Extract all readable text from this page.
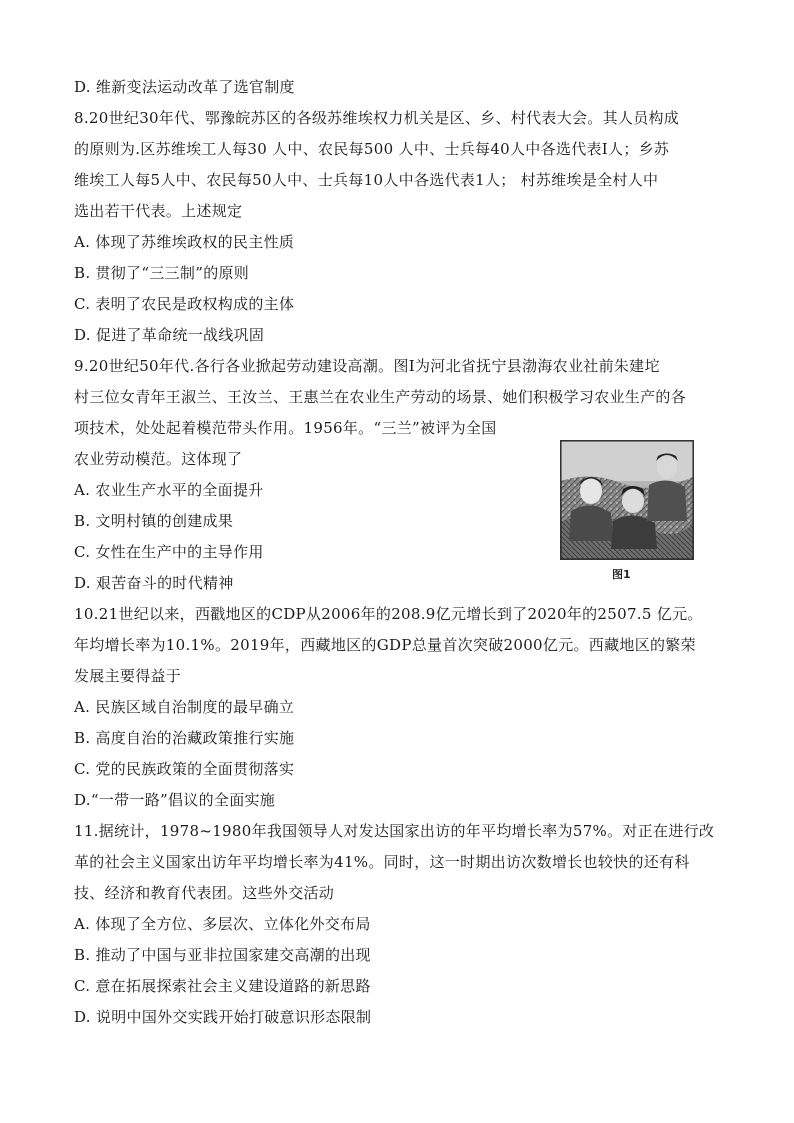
D. 维新变法运动改革了选官制度

8.20世纪30年代、鄂豫皖苏区的各级苏维埃权力机关是区、乡、村代表大会。其人员构成

的原则为.区苏维埃工人每30 人中、农民每500 人中、士兵每40人中各选代表Ⅰ人；乡苏

维埃工人每5人中、农民每50人中、士兵每10人中各选代表1人； 村苏维埃是全村人中

选出若干代表。上述规定

A. 体现了苏维埃政权的民主性质

B. 贯彻了“三三制”的原则

C. 表明了农民是政权构成的主体

D. 促进了革命统一战线巩固

9.20世纪50年代.各行各业掀起劳动建设高潮。图Ⅰ为河北省抚宁县渤海农业社前朱建坨

村三位女青年王淑兰、王汝兰、王惠兰在农业生产劳动的场景、她们积极学习农业生产的各

项技术，处处起着模范带头作用。1956年。“三兰”被评为全国

农业劳动模范。这体现了

A. 农业生产水平的全面提升

B. 文明村镇的创建成果

C. 女性在生产中的主导作用

D. 艰苦奋斗的时代精神

10.21世纪以来，西戳地区的CDP从2006年的208.9亿元增长到了2020年的2507.5 亿元。

年均增长率为10.1%。2019年，西藏地区的GDP总量首次突破2000亿元。西藏地区的繁荣

发展主要得益于

A. 民族区域自治制度的最早确立

B. 高度自治的治藏政策推行实施

C. 党的民族政策的全面贯彻落实

D.“一带一路”倡议的全面实施

11.据统计，1978~1980年我国领导人对发达国家出访的年平均增长率为57%。对正在进行改

革的社会主义国家出访年平均增长率为41%。同时，这一时期出访次数增长也较快的还有科

技、经济和教育代表团。这些外交活动

A. 体现了全方位、多层次、立体化外交布局

B. 推动了中国与亚非拉国家建交高潮的出现

C. 意在拓展探索社会主义建设道路的新思路

D. 说明中国外交实践开始打破意识形态限制

图1
